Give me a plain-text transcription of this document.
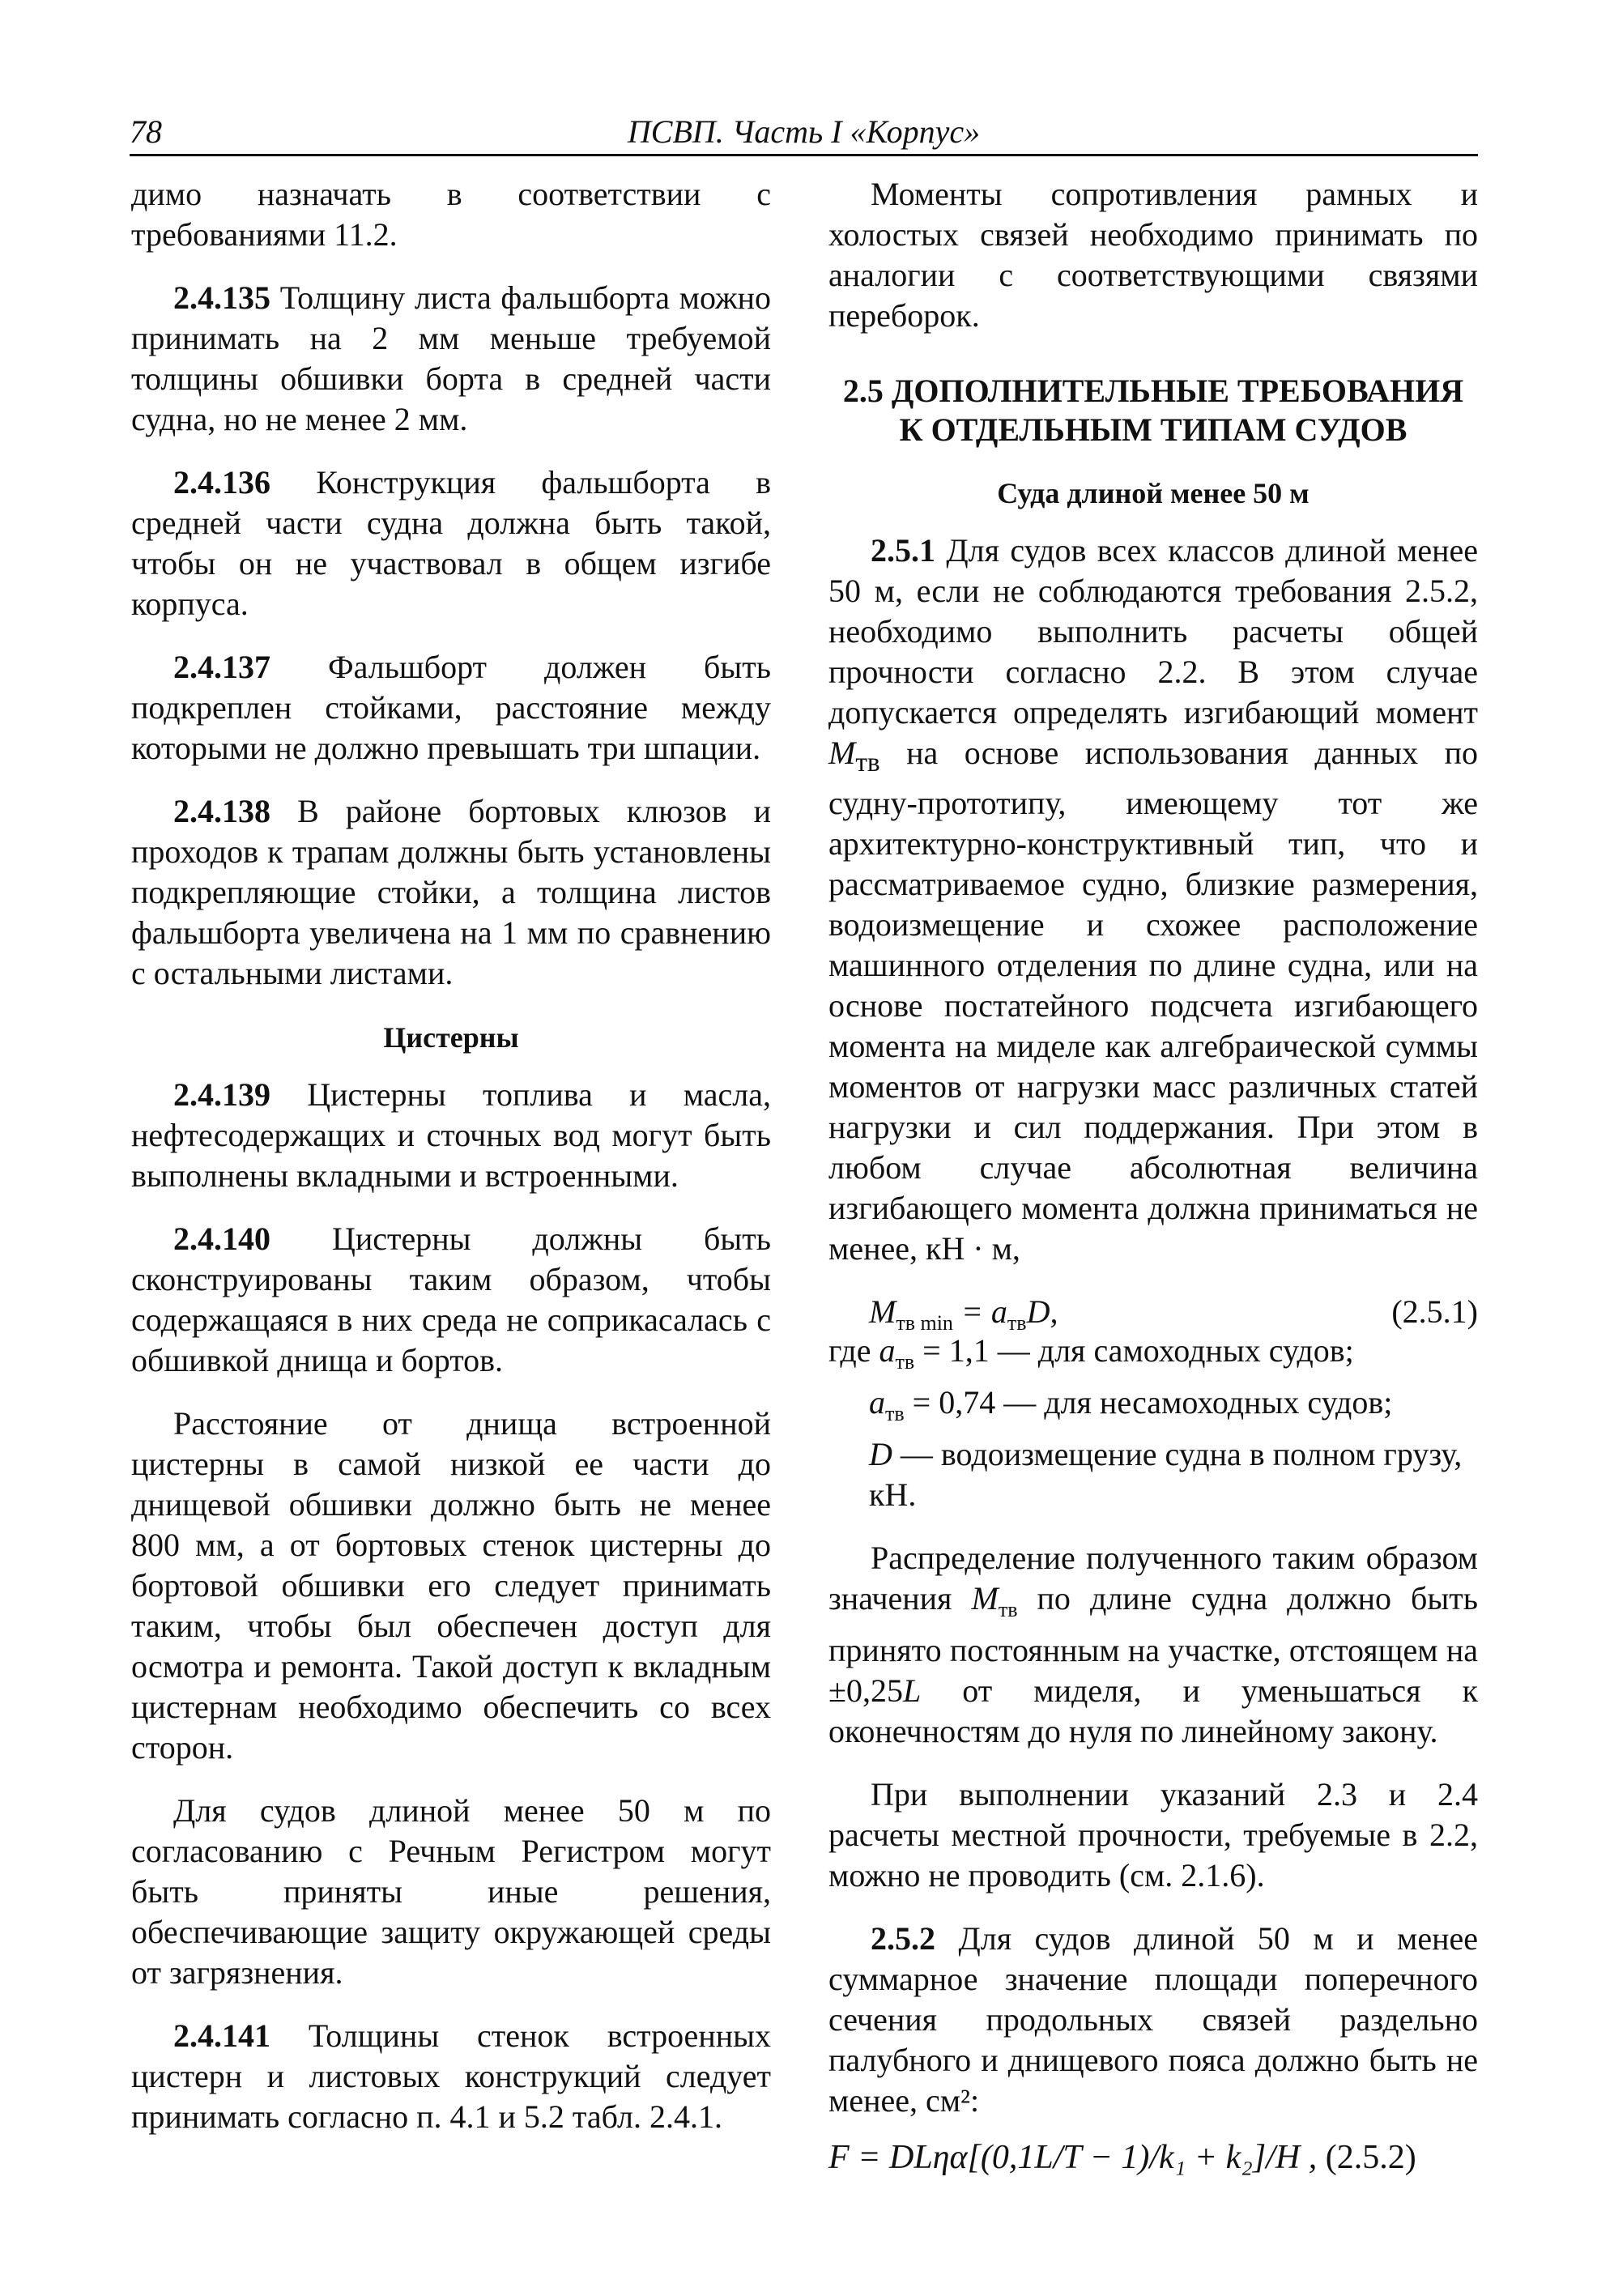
78	ПСВП. Часть I «Корпус»

димо назначать в соответствии с требованиями 11.2.

2.4.135 Толщину листа фальшборта можно принимать на 2 мм меньше требуемой толщины обшивки борта в средней части судна, но не менее 2 мм.

2.4.136 Конструкция фальшборта в средней части судна должна быть такой, чтобы он не участвовал в общем изгибе корпуса.

2.4.137 Фальшборт должен быть подкреплен стойками, расстояние между которыми не должно превышать три шпации.

2.4.138 В районе бортовых клюзов и проходов к трапам должны быть установлены подкрепляющие стойки, а толщина листов фальшборта увеличена на 1 мм по сравнению с остальными листами.

Цистерны

2.4.139 Цистерны топлива и масла, нефтесодержащих и сточных вод могут быть выполнены вкладными и встроенными.

2.4.140 Цистерны должны быть сконструированы таким образом, чтобы содержащаяся в них среда не соприкасалась с обшивкой днища и бортов.

Расстояние от днища встроенной цистерны в самой низкой ее части до днищевой обшивки должно быть не менее 800 мм, а от бортовых стенок цистерны до бортовой обшивки его следует принимать таким, чтобы был обеспечен доступ для осмотра и ремонта. Такой доступ к вкладным цистернам необходимо обеспечить со всех сторон.

Для судов длиной менее 50 м по согласованию с Речным Регистром могут быть приняты иные решения, обеспечивающие защиту окружающей среды от загрязнения.

2.4.141 Толщины стенок встроенных цистерн и листовых конструкций следует принимать согласно п. 4.1 и 5.2 табл. 2.4.1.

Моменты сопротивления рамных и холостых связей необходимо принимать по аналогии с соответствующими связями переборок.

2.5 ДОПОЛНИТЕЛЬНЫЕ ТРЕБОВАНИЯ
К ОТДЕЛЬНЫМ ТИПАМ СУДОВ
Суда длиной менее 50 м

2.5.1 Для судов всех классов длиной менее 50 м, если не соблюдаются требования 2.5.2, необходимо выполнить расчеты общей прочности согласно 2.2. В этом случае допускается определять изгибающий момент $M_{тв}$ на основе использования данных по судну-прототипу, имеющему тот же архитектурно-конструктивный тип, что и рассматриваемое судно, близкие размерения, водоизмещение и схожее расположение машинного отделения по длине судна, или на основе постатейного подсчета изгибающего момента на миделе как алгебраической суммы моментов от нагрузки масс различных статей нагрузки и сил поддержания. При этом в любом случае абсолютная величина изгибающего момента должна приниматься не менее, кН · м,

$M_{тв min} = a_{тв}D$,	(2.5.1)
где $a_{тв} = 1,1$ — для самоходных судов;
$a_{тв} = 0,74$ — для несамоходных судов;

D — водоизмещение судна в полном грузу, кН.

Распределение полученного таким образом значения $M_{тв}$ по длине судна должно быть принято постоянным на участке, отстоящем на ±0,25L от миделя, и уменьшаться к оконечностям до нуля по линейному закону.

При выполнении указаний 2.3 и 2.4 расчеты местной прочности, требуемые в 2.2, можно не проводить (см. 2.1.6).

2.5.2 Для судов длиной 50 м и менее суммарное значение площади поперечного сечения продольных связей раздельно палубного и днищевого пояса должно быть не менее, см²:

F = DLηα[(0,1L/T − 1)/k₁ + k₂]/H , (2.5.2)
